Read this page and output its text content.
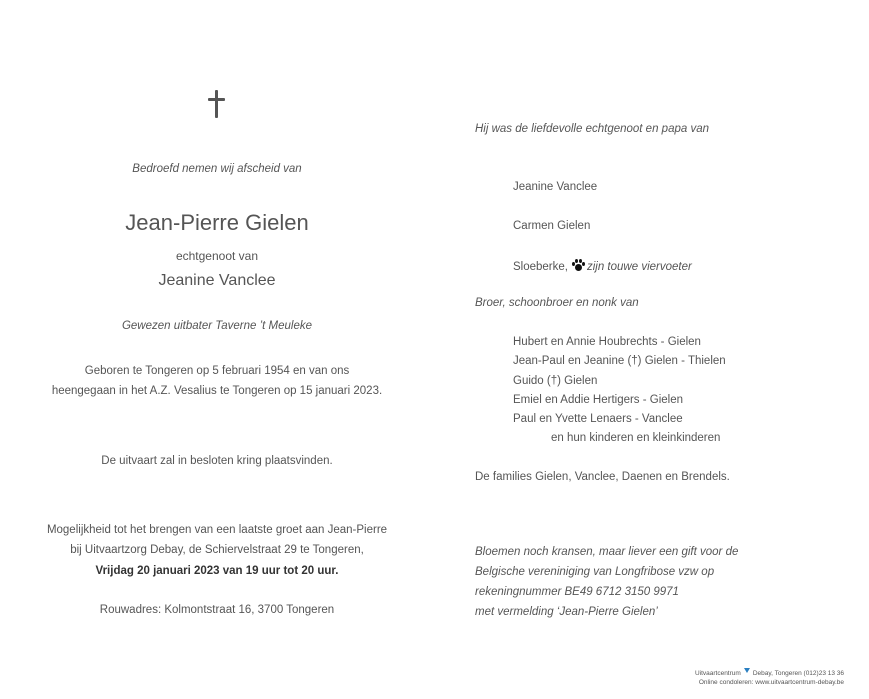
Bedroefd nemen wij afscheid van
Jean-Pierre Gielen
echtgenoot van
Jeanine Vanclee
Gewezen uitbater Taverne ’t Meuleke
Geboren te Tongeren op 5 februari 1954 en van ons
heengegaan in het A.Z. Vesalius te Tongeren op 15 januari 2023.
De uitvaart zal in besloten kring plaatsvinden.
Mogelijkheid tot het brengen van een laatste groet aan Jean-Pierre
bij Uitvaartzorg Debay, de Schiervelstraat 29 te Tongeren,
Vrijdag 20 januari 2023 van 19 uur tot 20 uur.
Rouwadres: Kolmontstraat 16, 3700 Tongeren
Hij was de liefdevolle echtgenoot en papa van
Jeanine Vanclee
Carmen Gielen
Sloeberke, zijn touwe viervoeter
Broer, schoonbroer en nonk van
Hubert en Annie Houbrechts - Gielen
Jean-Paul en Jeanine (†) Gielen - Thielen
Guido (†) Gielen
Emiel en Addie Hertigers - Gielen
Paul en Yvette Lenaers - Vanclee
en hun kinderen en kleinkinderen
De families Gielen, Vanclee, Daenen en Brendels.
Bloemen noch kransen, maar liever een gift voor de
Belgische vereniniging van Longfribose vzw op
rekeningnummer BE49 6712 3150 9971
met vermelding ‘Jean-Pierre Gielen’
Uitvaartcentrum Debay, Tongeren (012)23 13 36
Online condoleren: www.uitvaartcentrum-debay.be
